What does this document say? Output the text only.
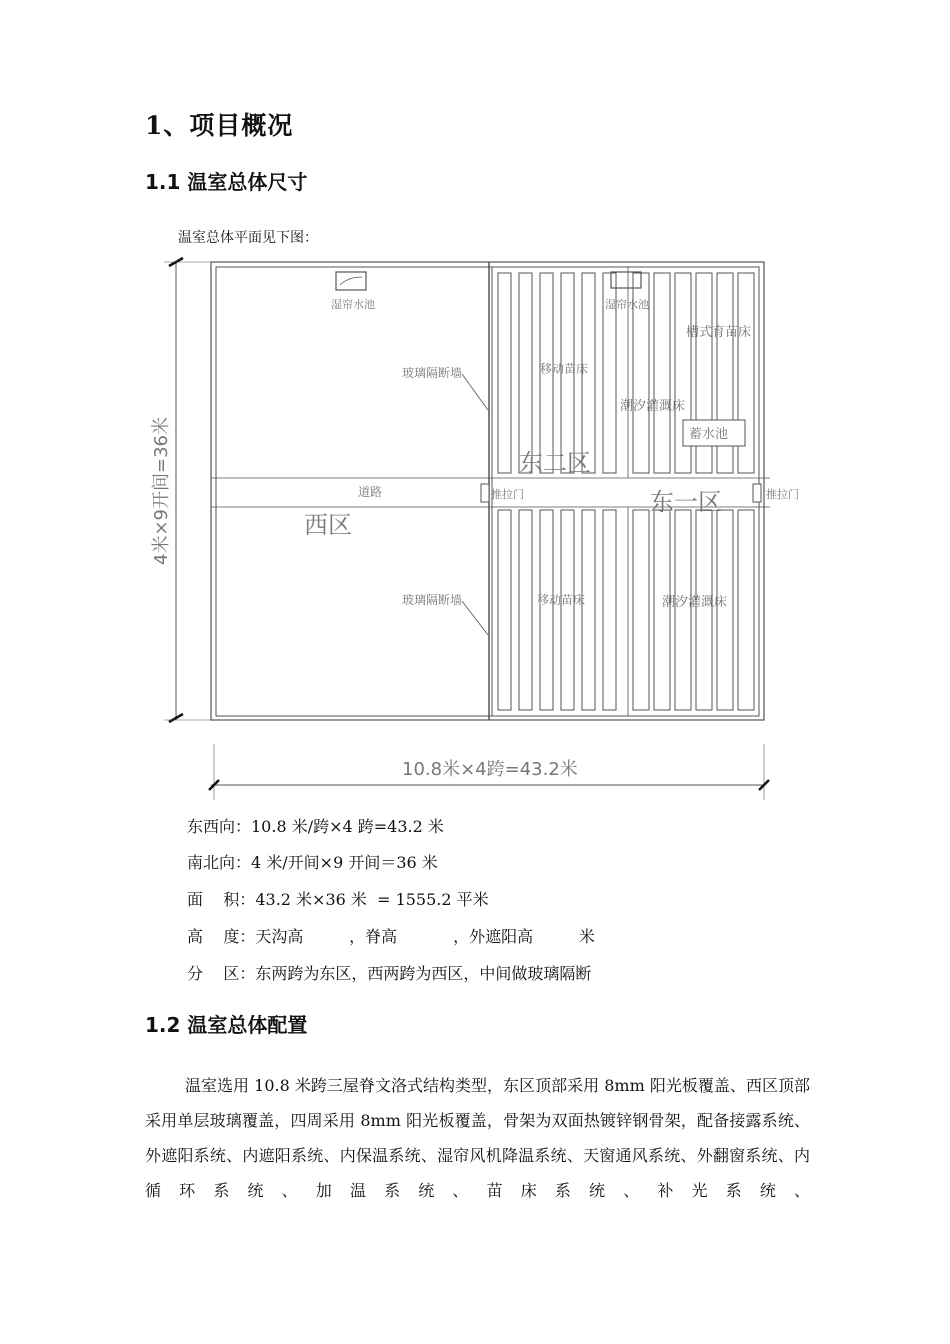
1、项目概况
1.1 温室总体尺寸
温室总体平面见下图：
湿帘水池	湿帘水池
玻璃隔断墙
玻璃隔断墙
道路
西区
东二区
东一区
推拉门	推拉门
移动苗床
移动苗床
槽式育苗床
潮汐灌溉床
潮汐灌溉床
蓄水池
4米×9开间=36米
10.8米×4跨=43.2米
东西向：10.8 米/跨×4 跨=43.2 米
南北向：4 米/开间×9 开间＝36 米
面    积：43.2 米×36 米  = 1555.2 平米
高    度：天沟高         ，脊高           ，外遮阳高         米
分    区：东两跨为东区，西两跨为西区，中间做玻璃隔断
1.2 温室总体配置
温室选用 10.8 米跨三屋脊文洛式结构类型，东区顶部采用 8mm 阳光板覆盖、西区顶部采用单层玻璃覆盖，四周采用 8mm 阳光板覆盖，骨架为双面热镀锌钢骨架，配备接露系统、外遮阳系统、内遮阳系统、内保温系统、湿帘风机降温系统、天窗通风系统、外翻窗系统、内循环系统、加温系统、苗床系统、补光系统、
